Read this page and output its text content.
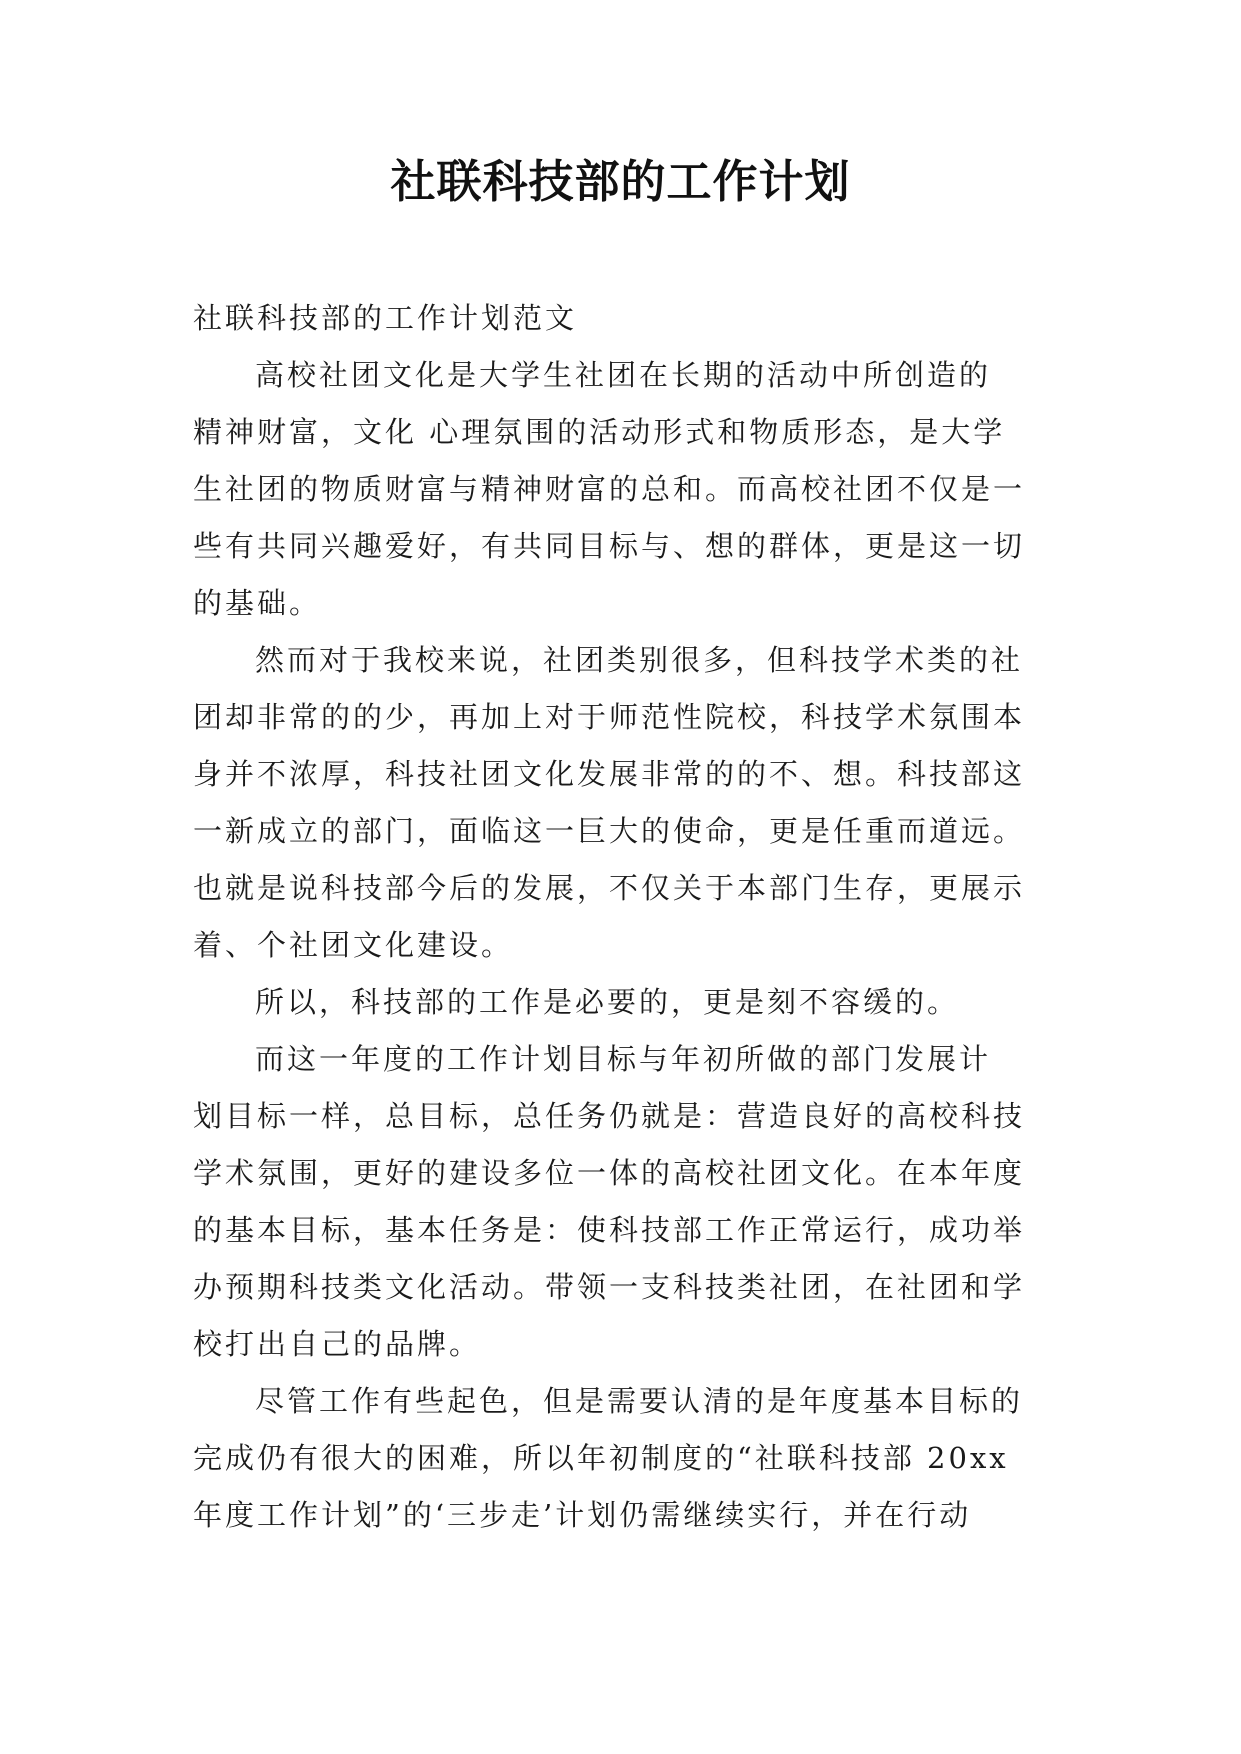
社联科技部的工作计划
社联科技部的工作计划范文
高校社团文化是大学生社团在长期的活动中所创造的
精神财富，文化 心理氛围的活动形式和物质形态，是大学
生社团的物质财富与精神财富的总和。而高校社团不仅是一
些有共同兴趣爱好，有共同目标与、想的群体，更是这一切
的基础。
然而对于我校来说，社团类别很多，但科技学术类的社
团却非常的的少，再加上对于师范性院校，科技学术氛围本
身并不浓厚，科技社团文化发展非常的的不、想。科技部这
一新成立的部门，面临这一巨大的使命，更是任重而道远。
也就是说科技部今后的发展，不仅关于本部门生存，更展示
着、个社团文化建设。
所以，科技部的工作是必要的，更是刻不容缓的。
而这一年度的工作计划目标与年初所做的部门发展计
划目标一样，总目标，总任务仍就是：营造良好的高校科技
学术氛围，更好的建设多位一体的高校社团文化。在本年度
的基本目标，基本任务是：使科技部工作正常运行，成功举
办预期科技类文化活动。带领一支科技类社团，在社团和学
校打出自己的品牌。
尽管工作有些起色，但是需要认清的是年度基本目标的
完成仍有很大的困难，所以年初制度的“社联科技部 20xx
年度工作计划”的‘三步走’计划仍需继续实行，并在行动
